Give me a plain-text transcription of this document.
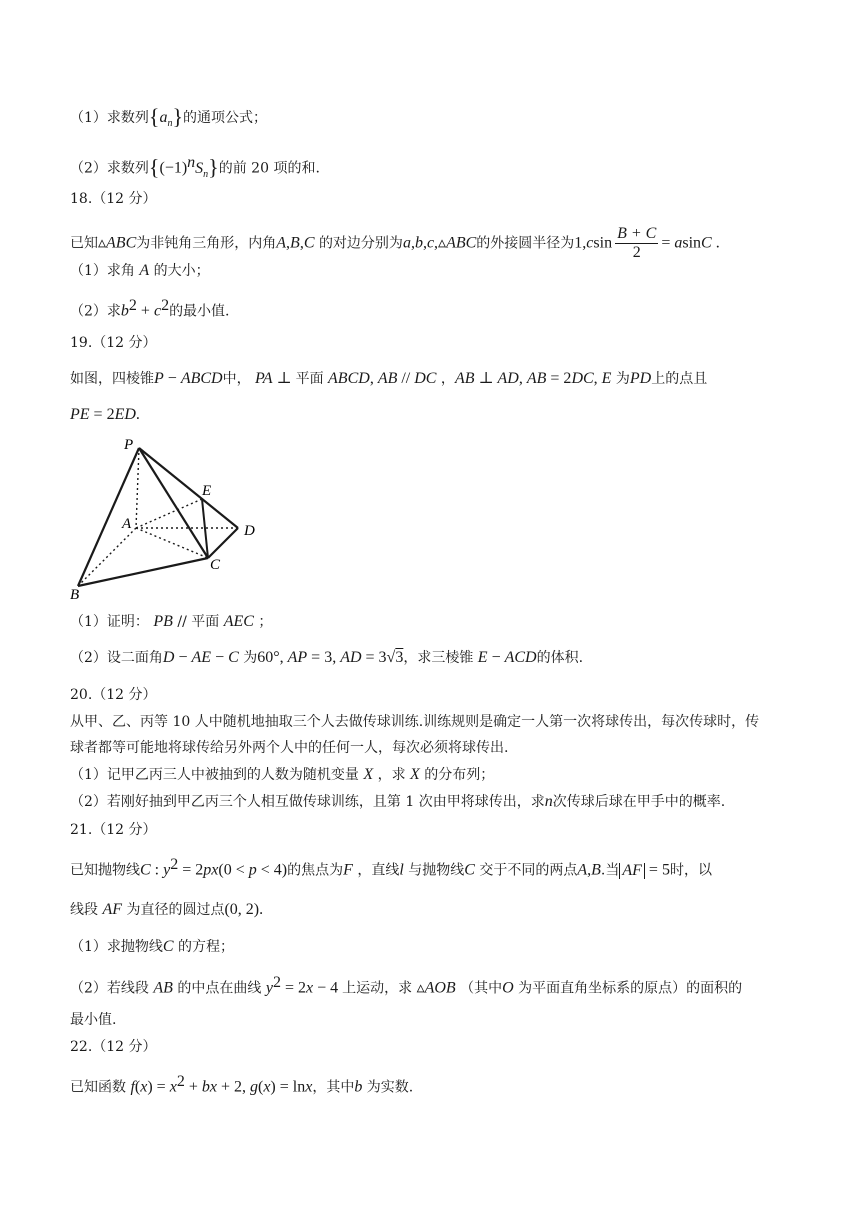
（1）求数列$\{a_n\}$的通项公式；
（2）求数列$\{(-1)^nS_n\}$的前 20 项的和.
18.（12 分）
已知▵ABC为非钝角三角形，内角A,B,C 的对边分别为a,b,c,▵ABC的外接圆半径为$1,csin \frac{B + C}{2} = asinC$ .
（1）求角 A 的大小；
（2）求$b^2 + c^2$的最小值.
19.（12 分）
如图，四棱锥P − ABCD中， PA ⊥ 平面 ABCD, AB // DC ，AB ⊥ AD, AB = 2DC, E 为PD上的点且
PE = 2ED.
P
E
A	D
C
B
（1）证明： PB // 平面 AEC ；
（2）设二面角D − AE − C 为60°, AP = 3, AD = 3√3，求三棱锥 E − ACD的体积.
20.（12 分）
从甲、乙、丙等 10 人中随机地抽取三个人去做传球训练.训练规则是确定一人第一次将球传出，每次传球时，传
球者都等可能地将球传给另外两个人中的任何一人，每次必须将球传出.
（1）记甲乙丙三人中被抽到的人数为随机变量 X ，求 X 的分布列；
（2）若刚好抽到甲乙丙三个人相互做传球训练，且第 1 次由甲将球传出，求n次传球后球在甲手中的概率.
21.（12 分）
已知抛物线C : $y^2 = 2px(0 < p < 4)$的焦点为F ，直线l 与抛物线C 交于不同的两点A,B.当 AF = 5时，以
线段 AF 为直径的圆过点(0, 2).
（1）求抛物线C 的方程；
（2）若线段 AB 的中点在曲线 $y^2 = 2x - 4$ 上运动，求 ▵AOB （其中O 为平面直角坐标系的原点）的面积的
最小值.
22.（12 分）
已知函数 $f(x) = x^2$ + bx + 2, g(x) = lnx，其中b 为实数.
